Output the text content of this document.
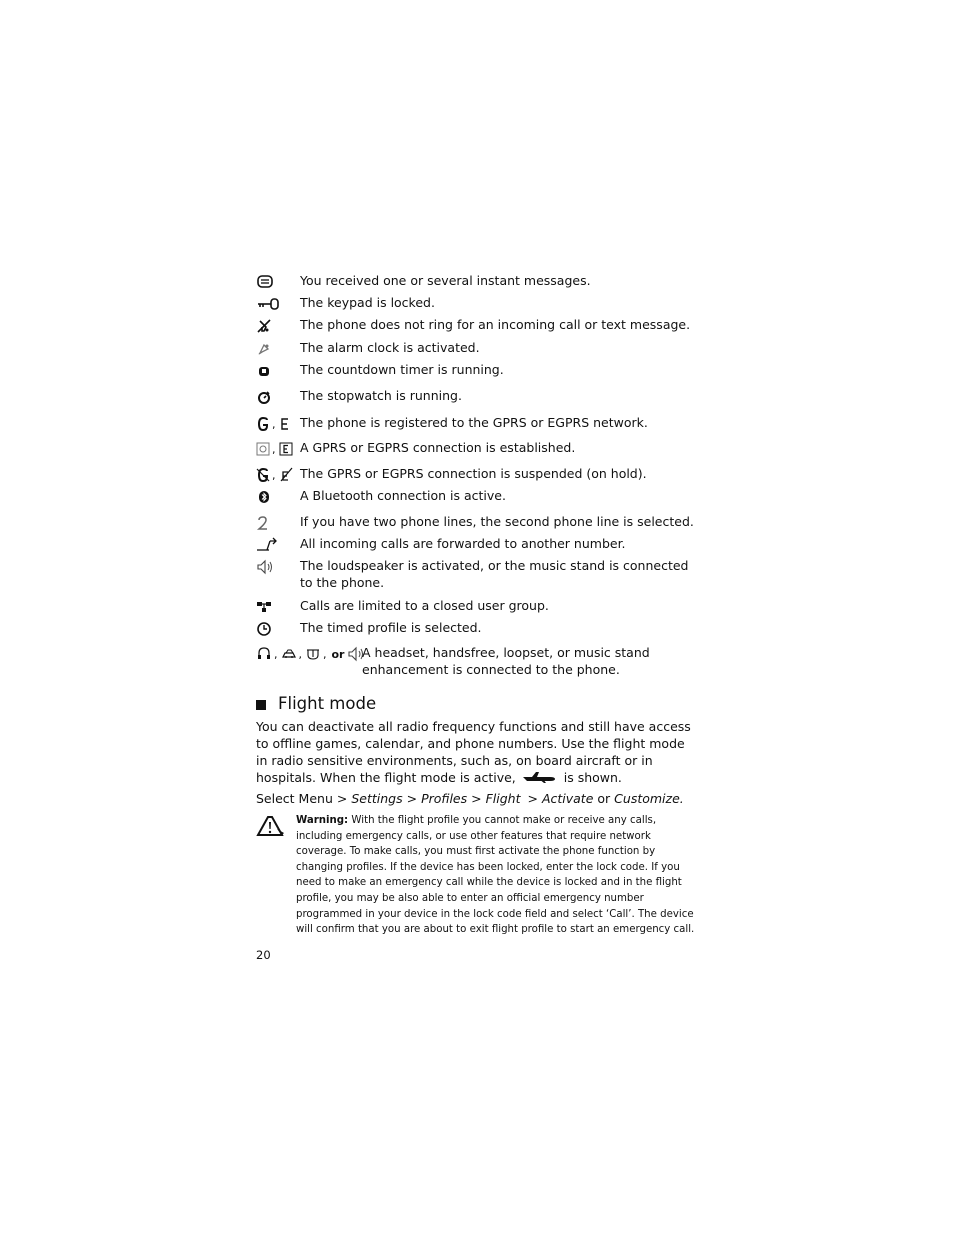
You received one or several instant messages.
The keypad is locked.
The phone does not ring for an incoming call or text message.
The alarm clock is activated.
The countdown timer is running.
The stopwatch is running.
, The phone is registered to the GPRS or EGPRS network.
, A GPRS or EGPRS connection is established.
, The GPRS or EGPRS connection is suspended (on hold).
A Bluetooth connection is active.
If you have two phone lines, the second phone line is selected.
All incoming calls are forwarded to another number.
The loudspeaker is activated, or the music stand is connected to the phone.
Calls are limited to a closed user group.
The timed profile is selected.
, , , or A headset, handsfree, loopset, or music stand enhancement is connected to the phone.
Flight mode
You can deactivate all radio frequency functions and still have access to offline games, calendar, and phone numbers. Use the flight mode in radio sensitive environments, such as, on board aircraft or in hospitals. When the flight mode is active,	is shown.
Select Menu > Settings > Profiles > Flight > Activate or Customize.
Warning: With the flight profile you cannot make or receive any calls, including emergency calls, or use other features that require network coverage. To make calls, you must first activate the phone function by changing profiles. If the device has been locked, enter the lock code. If you need to make an emergency call while the device is locked and in the flight profile, you may be also able to enter an official emergency number programmed in your device in the lock code field and select ‘Call’. The device will confirm that you are about to exit flight profile to start an emergency call.
20
